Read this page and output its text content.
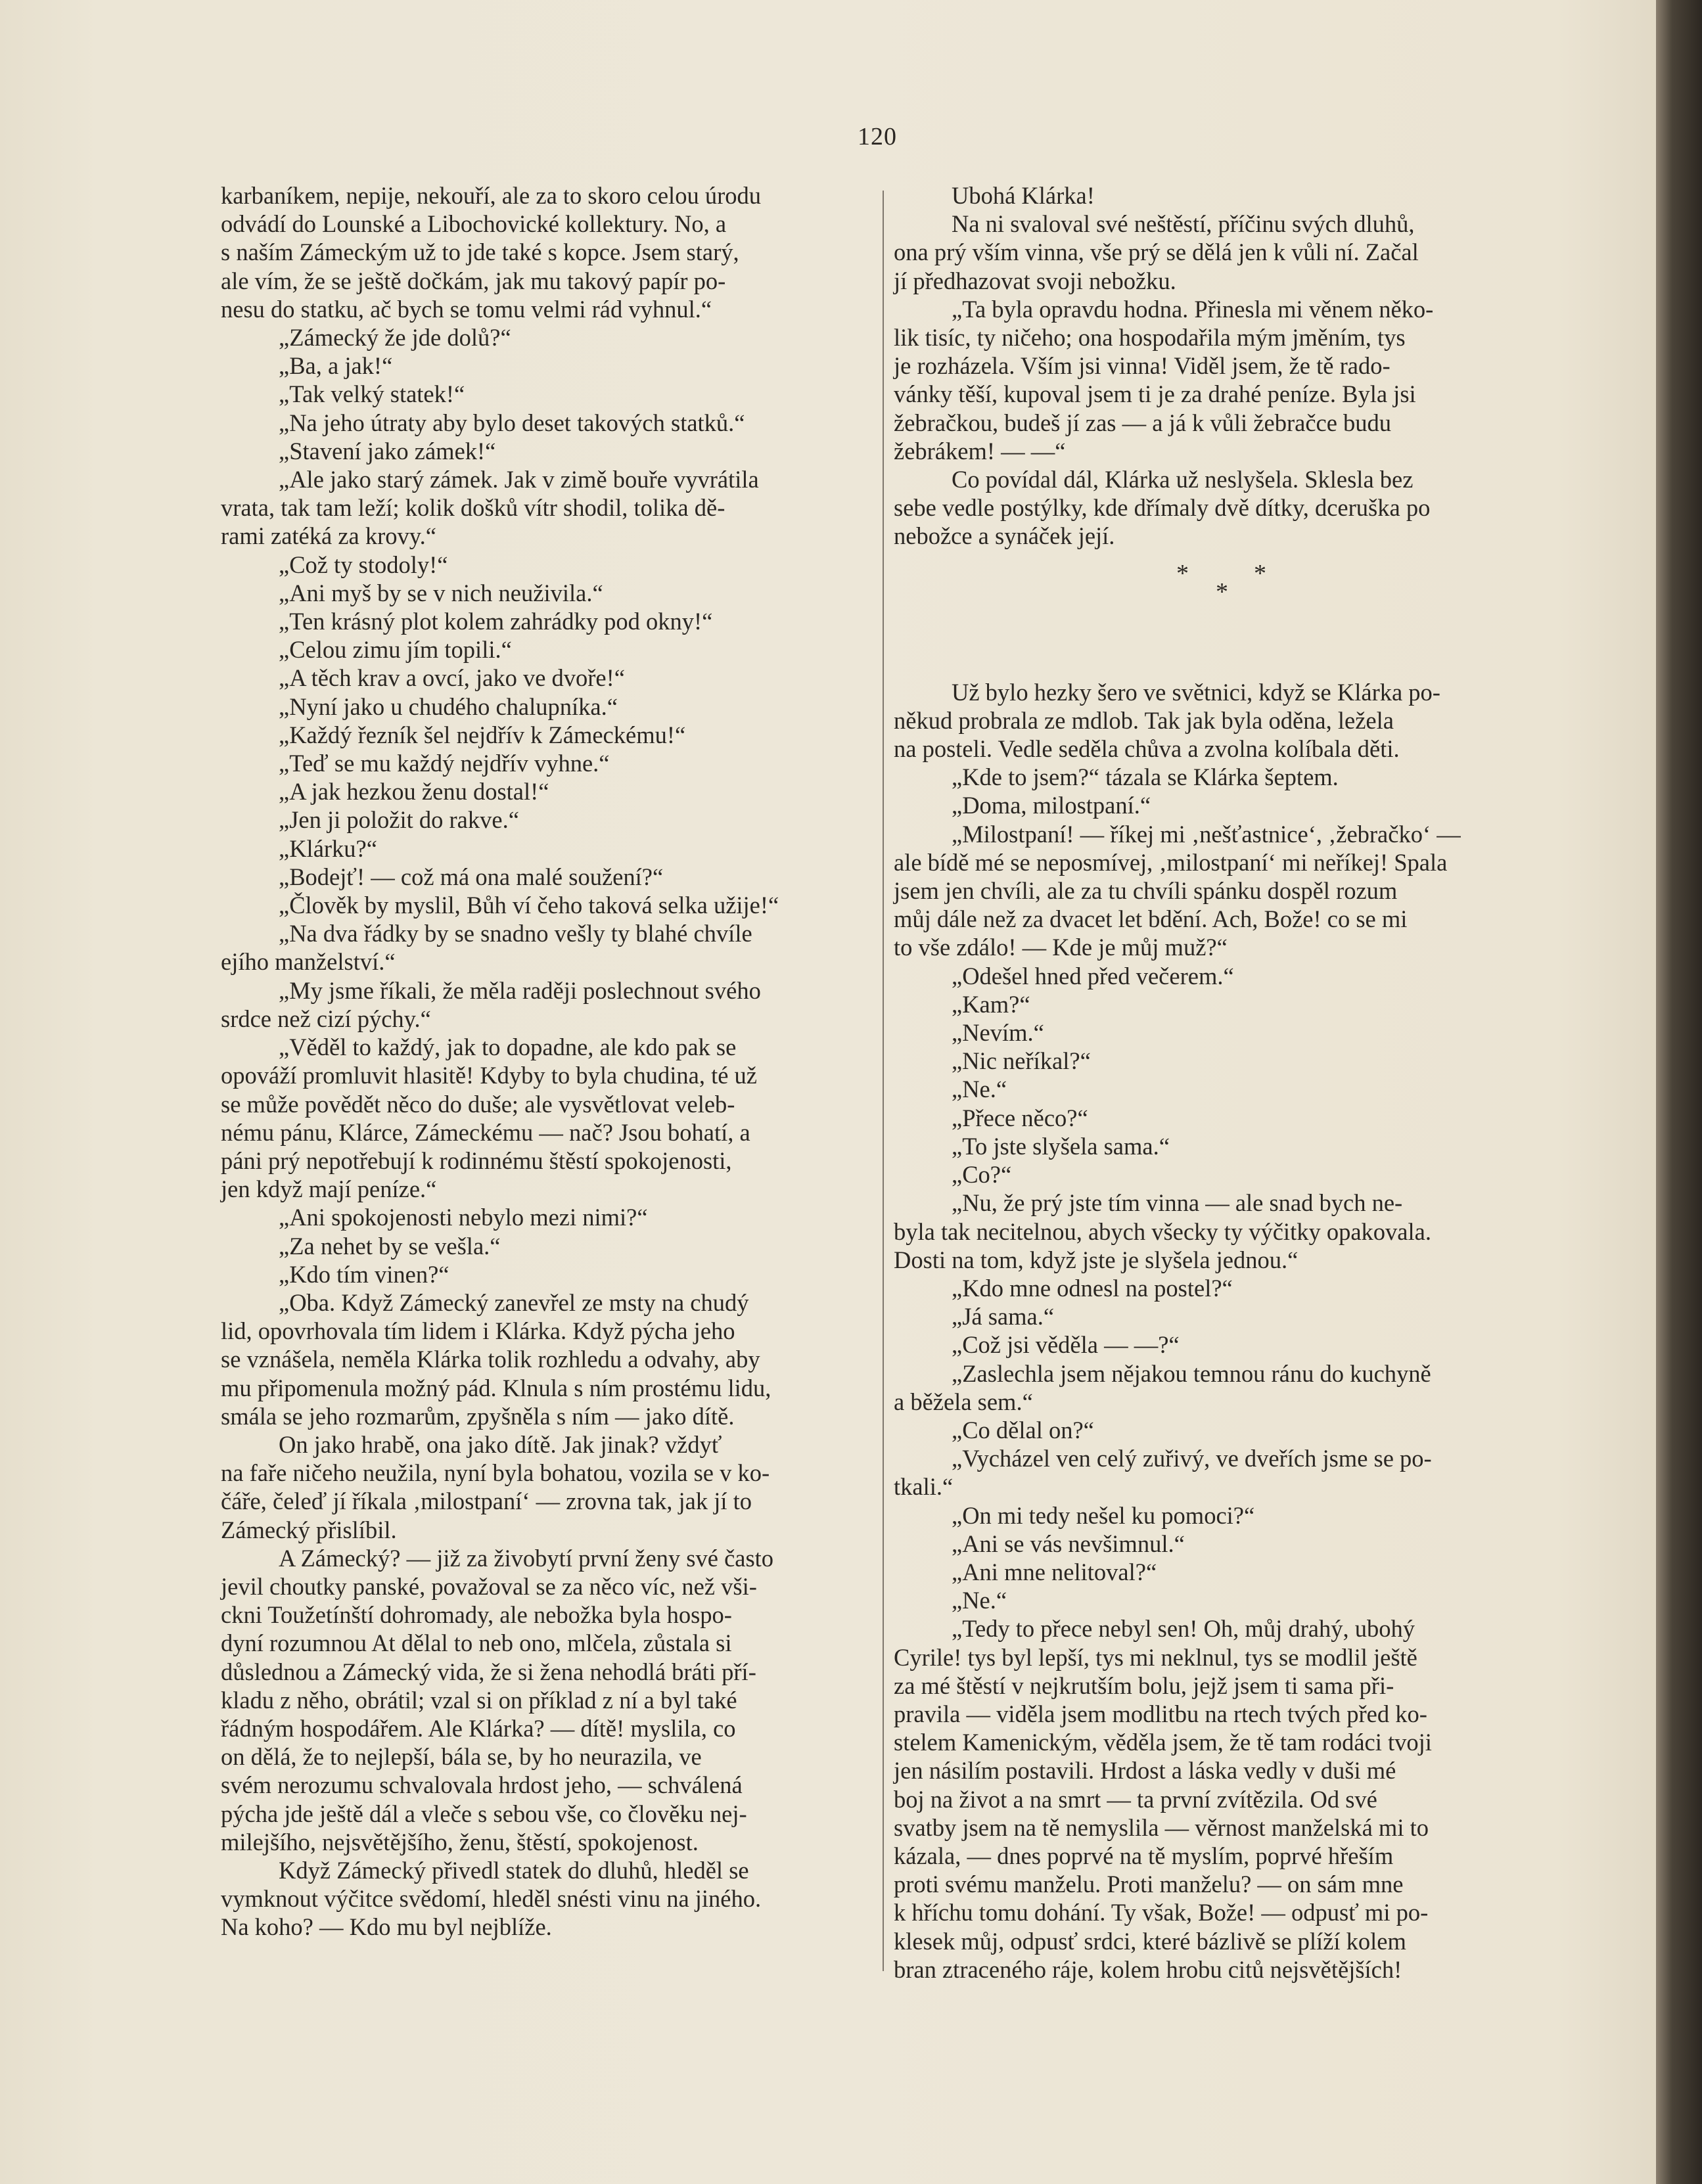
120

karbaníkem, nepije, nekouří, ale za to skoro celou úrodu

odvádí do Lounské a Libochovické kollektury. No, a

s naším Zámeckým už to jde také s kopce. Jsem starý,

ale vím, že se ještě dočkám, jak mu takový papír po-

nesu do statku, ač bych se tomu velmi rád vyhnul.“

„Zámecký že jde dolů?“

„Ba, a jak!“

„Tak velký statek!“

„Na jeho útraty aby bylo deset takových statků.“

„Stavení jako zámek!“

„Ale jako starý zámek. Jak v zimě bouře vyvrátila

vrata, tak tam leží; kolik došků vítr shodil, tolika dě-

rami zatéká za krovy.“

„Což ty stodoly!“

„Ani myš by se v nich neuživila.“

„Ten krásný plot kolem zahrádky pod okny!“

„Celou zimu jím topili.“

„A těch krav a ovcí, jako ve dvoře!“

„Nyní jako u chudého chalupníka.“

„Každý řezník šel nejdřív k Zámeckému!“

„Teď se mu každý nejdřív vyhne.“

„A jak hezkou ženu dostal!“

„Jen ji položit do rakve.“

„Klárku?“

„Bodejť! — což má ona malé soužení?“

„Člověk by myslil, Bůh ví čeho taková selka užije!“

„Na dva řádky by se snadno vešly ty blahé chvíle

ejího manželství.“

„My jsme říkali, že měla raději poslechnout svého

srdce než cizí pýchy.“

„Věděl to každý, jak to dopadne, ale kdo pak se

opováží promluvit hlasitě! Kdyby to byla chudina, té už

se může povědět něco do duše; ale vysvětlovat veleb-

nému pánu, Klárce, Zámeckému — nač? Jsou bohatí, a

páni prý nepotřebují k rodinnému štěstí spokojenosti,

jen když mají peníze.“

„Ani spokojenosti nebylo mezi nimi?“

„Za nehet by se vešla.“

„Kdo tím vinen?“

„Oba. Když Zámecký zanevřel ze msty na chudý

lid, opovrhovala tím lidem i Klárka. Když pýcha jeho

se vznášela, neměla Klárka tolik rozhledu a odvahy, aby

mu připomenula možný pád. Klnula s ním prostému lidu,

smála se jeho rozmarům, zpyšněla s ním — jako dítě.

On jako hrabě, ona jako dítě. Jak jinak? vždyť

na faře ničeho neužila, nyní byla bohatou, vozila se v ko-

čáře, čeleď jí říkala ‚milostpaní‘ — zrovna tak, jak jí to

Zámecký přislíbil.

A Zámecký? — již za živobytí první ženy své často

jevil choutky panské, považoval se za něco víc, než vši-

ckni Toužetínští dohromady, ale nebožka byla hospo-

dyní rozumnou At dělal to neb ono, mlčela, zůstala si

důslednou a Zámecký vida, že si žena nehodlá bráti pří-

kladu z něho, obrátil; vzal si on příklad z ní a byl také

řádným hospodářem. Ale Klárka? — dítě! myslila, co

on dělá, že to nejlepší, bála se, by ho neurazila, ve

svém nerozumu schvalovala hrdost jeho, — schválená

pýcha jde ještě dál a vleče s sebou vše, co člověku nej-

milejšího, nejsvětějšího, ženu, štěstí, spokojenost.

Když Zámecký přivedl statek do dluhů, hleděl se

vymknout výčitce svědomí, hleděl snésti vinu na jiného.

Na koho? — Kdo mu byl nejblíže.

Ubohá Klárka!

Na ni svaloval své neštěstí, příčinu svých dluhů,

ona prý vším vinna, vše prý se dělá jen k vůli ní. Začal

jí předhazovat svoji nebožku.

„Ta byla opravdu hodna. Přinesla mi věnem něko-

lik tisíc, ty ničeho; ona hospodařila mým jměním, tys

je rozházela. Vším jsi vinna! Viděl jsem, že tě rado-

vánky těší, kupoval jsem ti je za drahé peníze. Byla jsi

žebračkou, budeš jí zas — a já k vůli žebračce budu

žebrákem! — —“

Co povídal dál, Klárka už neslyšela. Sklesla bez

sebe vedle postýlky, kde dřímaly dvě dítky, dceruška po

nebožce a synáček její.

*	*
*

Už bylo hezky šero ve světnici, když se Klárka po-

někud probrala ze mdlob. Tak jak byla oděna, ležela

na posteli. Vedle seděla chůva a zvolna kolíbala děti.

„Kde to jsem?“ tázala se Klárka šeptem.

„Doma, milostpaní.“

„Milostpaní! — říkej mi ‚nešťastnice‘, ‚žebračko‘ —

ale bídě mé se neposmívej, ‚milostpaní‘ mi neříkej! Spala

jsem jen chvíli, ale za tu chvíli spánku dospěl rozum

můj dále než za dvacet let bdění. Ach, Bože! co se mi

to vše zdálo! — Kde je můj muž?“

„Odešel hned před večerem.“

„Kam?“

„Nevím.“

„Nic neříkal?“

„Ne.“

„Přece něco?“

„To jste slyšela sama.“

„Co?“

„Nu, že prý jste tím vinna — ale snad bych ne-

byla tak necitelnou, abych všecky ty výčitky opakovala.

Dosti na tom, když jste je slyšela jednou.“

„Kdo mne odnesl na postel?“

„Já sama.“

„Což jsi věděla — —?“

„Zaslechla jsem nějakou temnou ránu do kuchyně

a běžela sem.“

„Co dělal on?“

„Vycházel ven celý zuřivý, ve dveřích jsme se po-

tkali.“

„On mi tedy nešel ku pomoci?“

„Ani se vás nevšimnul.“

„Ani mne nelitoval?“

„Ne.“

„Tedy to přece nebyl sen! Oh, můj drahý, ubohý

Cyrile! tys byl lepší, tys mi neklnul, tys se modlil ještě

za mé štěstí v nejkrutším bolu, jejž jsem ti sama při-

pravila — viděla jsem modlitbu na rtech tvých před ko-

stelem Kamenickým, věděla jsem, že tě tam rodáci tvoji

jen násilím postavili. Hrdost a láska vedly v duši mé

boj na život a na smrt — ta první zvítězila. Od své

svatby jsem na tě nemyslila — věrnost manželská mi to

kázala, — dnes poprvé na tě myslím, poprvé hřeším

proti svému manželu. Proti manželu? — on sám mne

k hříchu tomu dohání. Ty však, Bože! — odpusť mi po-

klesek můj, odpusť srdci, které bázlivě se plíží kolem

bran ztraceného ráje, kolem hrobu citů nejsvětějších!
